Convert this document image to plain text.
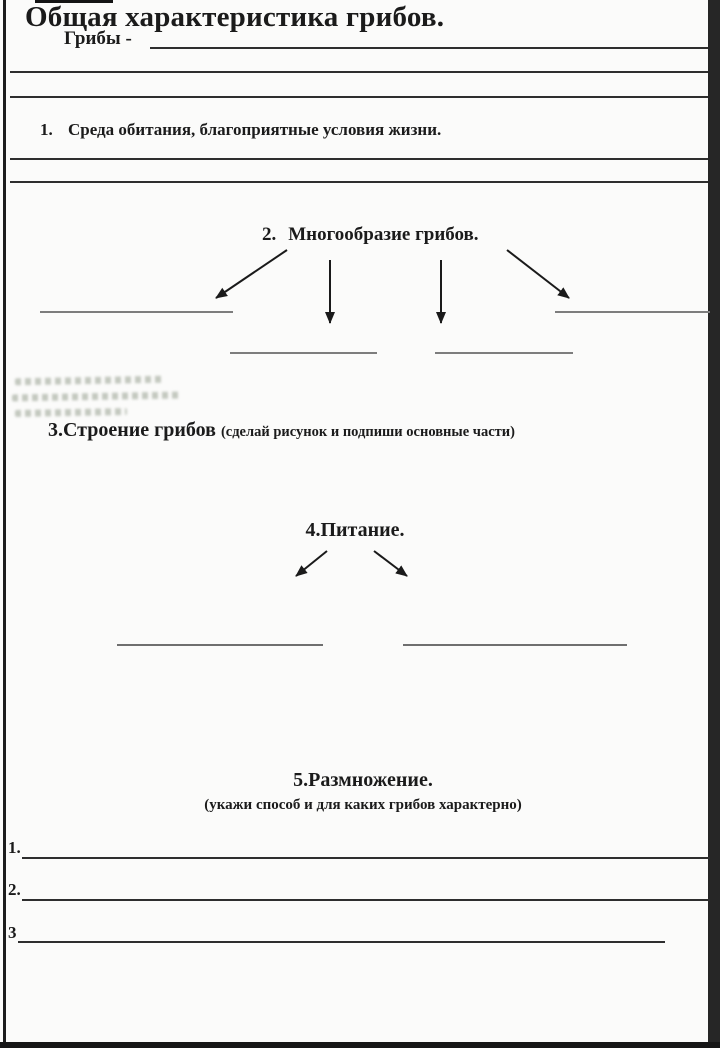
Общая характеристика грибов.
Грибы -
1. Среда обитания, благоприятные условия жизни.
2. Многообразие грибов.
3.Строение грибов (сделай рисунок и подпиши основные части)
4.Питание.
5.Размножение.
(укажи способ и для каких грибов характерно)
1.
2.
3
